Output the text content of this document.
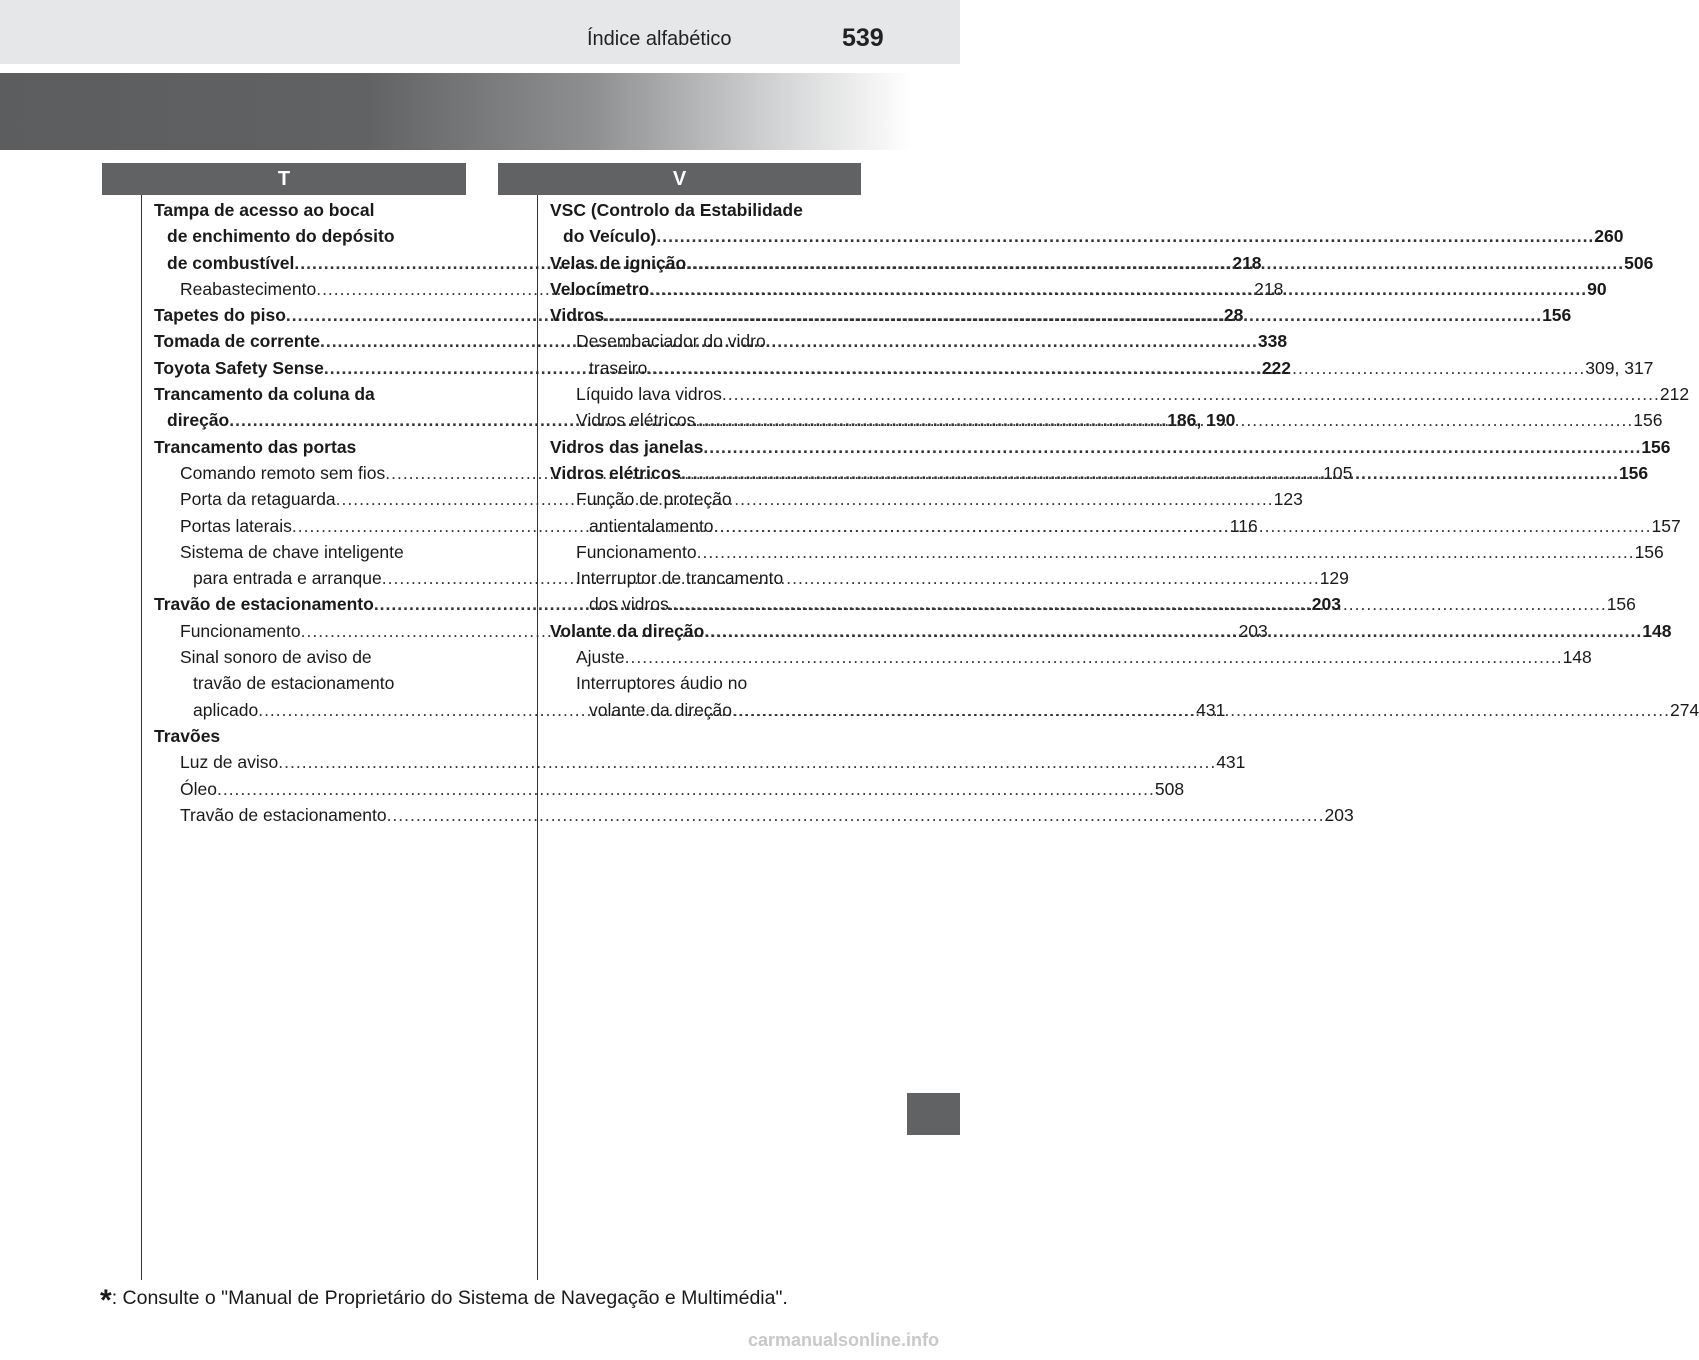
Índice alfabético	539
T	V
Tampa de acesso ao bocal
de enchimento do depósito
de combustível .....	218
Reabastecimento .....	218
Tapetes do piso .....	28
Tomada de corrente .....	338
Toyota Safety Sense .....	222
Trancamento da coluna da
direção .....	186, 190
Trancamento das portas
Comando remoto sem fios .....	105
Porta da retaguarda .....	123
Portas laterais .....	116
Sistema de chave inteligente
para entrada e arranque .....	129
Travão de estacionamento .....	203
Funcionamento .....	203
Sinal sonoro de aviso de
travão de estacionamento
aplicado .....	431
Travões
Luz de aviso .....	431
Óleo .....	508
Travão de estacionamento .....	203
VSC (Controlo da Estabilidade
do Veículo) .....	260
Velas de ignição .....	506
Velocímetro .....	90
Vidros .....	156
Desembaciador do vidro
traseiro .....	309, 317
Líquido lava vidros .....	212
Vidros elétricos .....	156
Vidros das janelas .....	156
Vidros elétricos .....	156
Função de proteção
antientalamento .....	157
Funcionamento .....	156
Interruptor de trancamento
dos vidros .....	156
Volante da direção .....	148
Ajuste .....	148
Interruptores áudio no
volante da direção .....	274
*: Consulte o "Manual de Proprietário do Sistema de Navegação e Multimédia".
carmanualsonline.info
